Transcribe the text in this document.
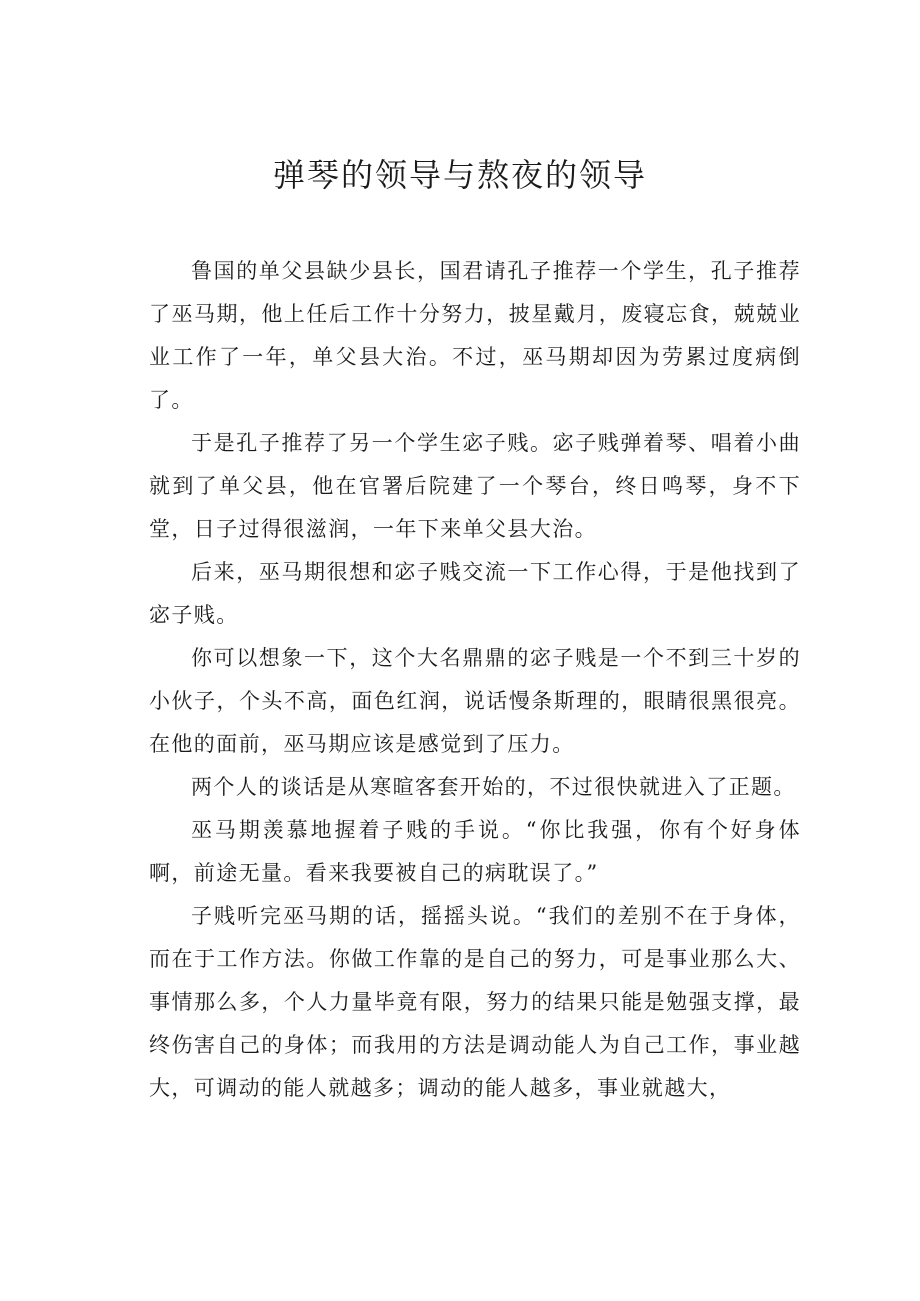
弹琴的领导与熬夜的领导

鲁国的单父县缺少县长，国君请孔子推荐一个学生，孔子推荐了巫马期，他上任后工作十分努力，披星戴月，废寝忘食，兢兢业业工作了一年，单父县大治。不过，巫马期却因为劳累过度病倒了。

于是孔子推荐了另一个学生宓子贱。宓子贱弹着琴、唱着小曲就到了单父县，他在官署后院建了一个琴台，终日鸣琴，身不下堂，日子过得很滋润，一年下来单父县大治。

后来，巫马期很想和宓子贱交流一下工作心得，于是他找到了宓子贱。

你可以想象一下，这个大名鼎鼎的宓子贱是一个不到三十岁的小伙子，个头不高，面色红润，说话慢条斯理的，眼睛很黑很亮。在他的面前，巫马期应该是感觉到了压力。

两个人的谈话是从寒暄客套开始的，不过很快就进入了正题。

巫马期羡慕地握着子贱的手说。“你比我强，你有个好身体啊，前途无量。看来我要被自己的病耽误了。”

子贱听完巫马期的话，摇摇头说。“我们的差别不在于身体，而在于工作方法。你做工作靠的是自己的努力，可是事业那么大、事情那么多，个人力量毕竟有限，努力的结果只能是勉强支撑，最终伤害自己的身体；而我用的方法是调动能人为自己工作，事业越大，可调动的能人就越多；调动的能人越多，事业就越大，
